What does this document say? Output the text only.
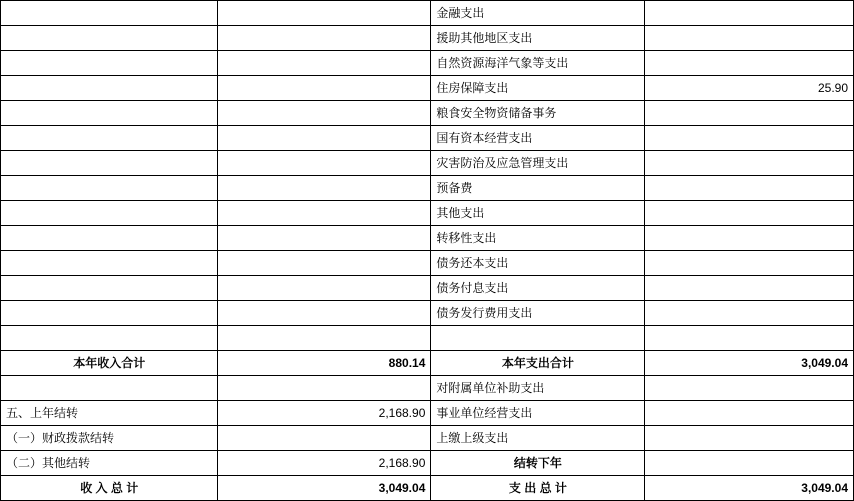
		金融支出	
		援助其他地区支出	
		自然资源海洋气象等支出	
		住房保障支出	25.90
		粮食安全物资储备事务	
		国有资本经营支出	
		灾害防治及应急管理支出	
		预备费	
		其他支出	
		转移性支出	
		债务还本支出	
		债务付息支出	
		债务发行费用支出	

本年收入合计	880.14	本年支出合计	3,049.04
		对附属单位补助支出	
五、上年结转	2,168.90	事业单位经营支出	
（一）财政拨款结转		上缴上级支出	
（二）其他结转	2,168.90	结转下年	
收 入 总 计	3,049.04	支 出 总 计	3,049.04
